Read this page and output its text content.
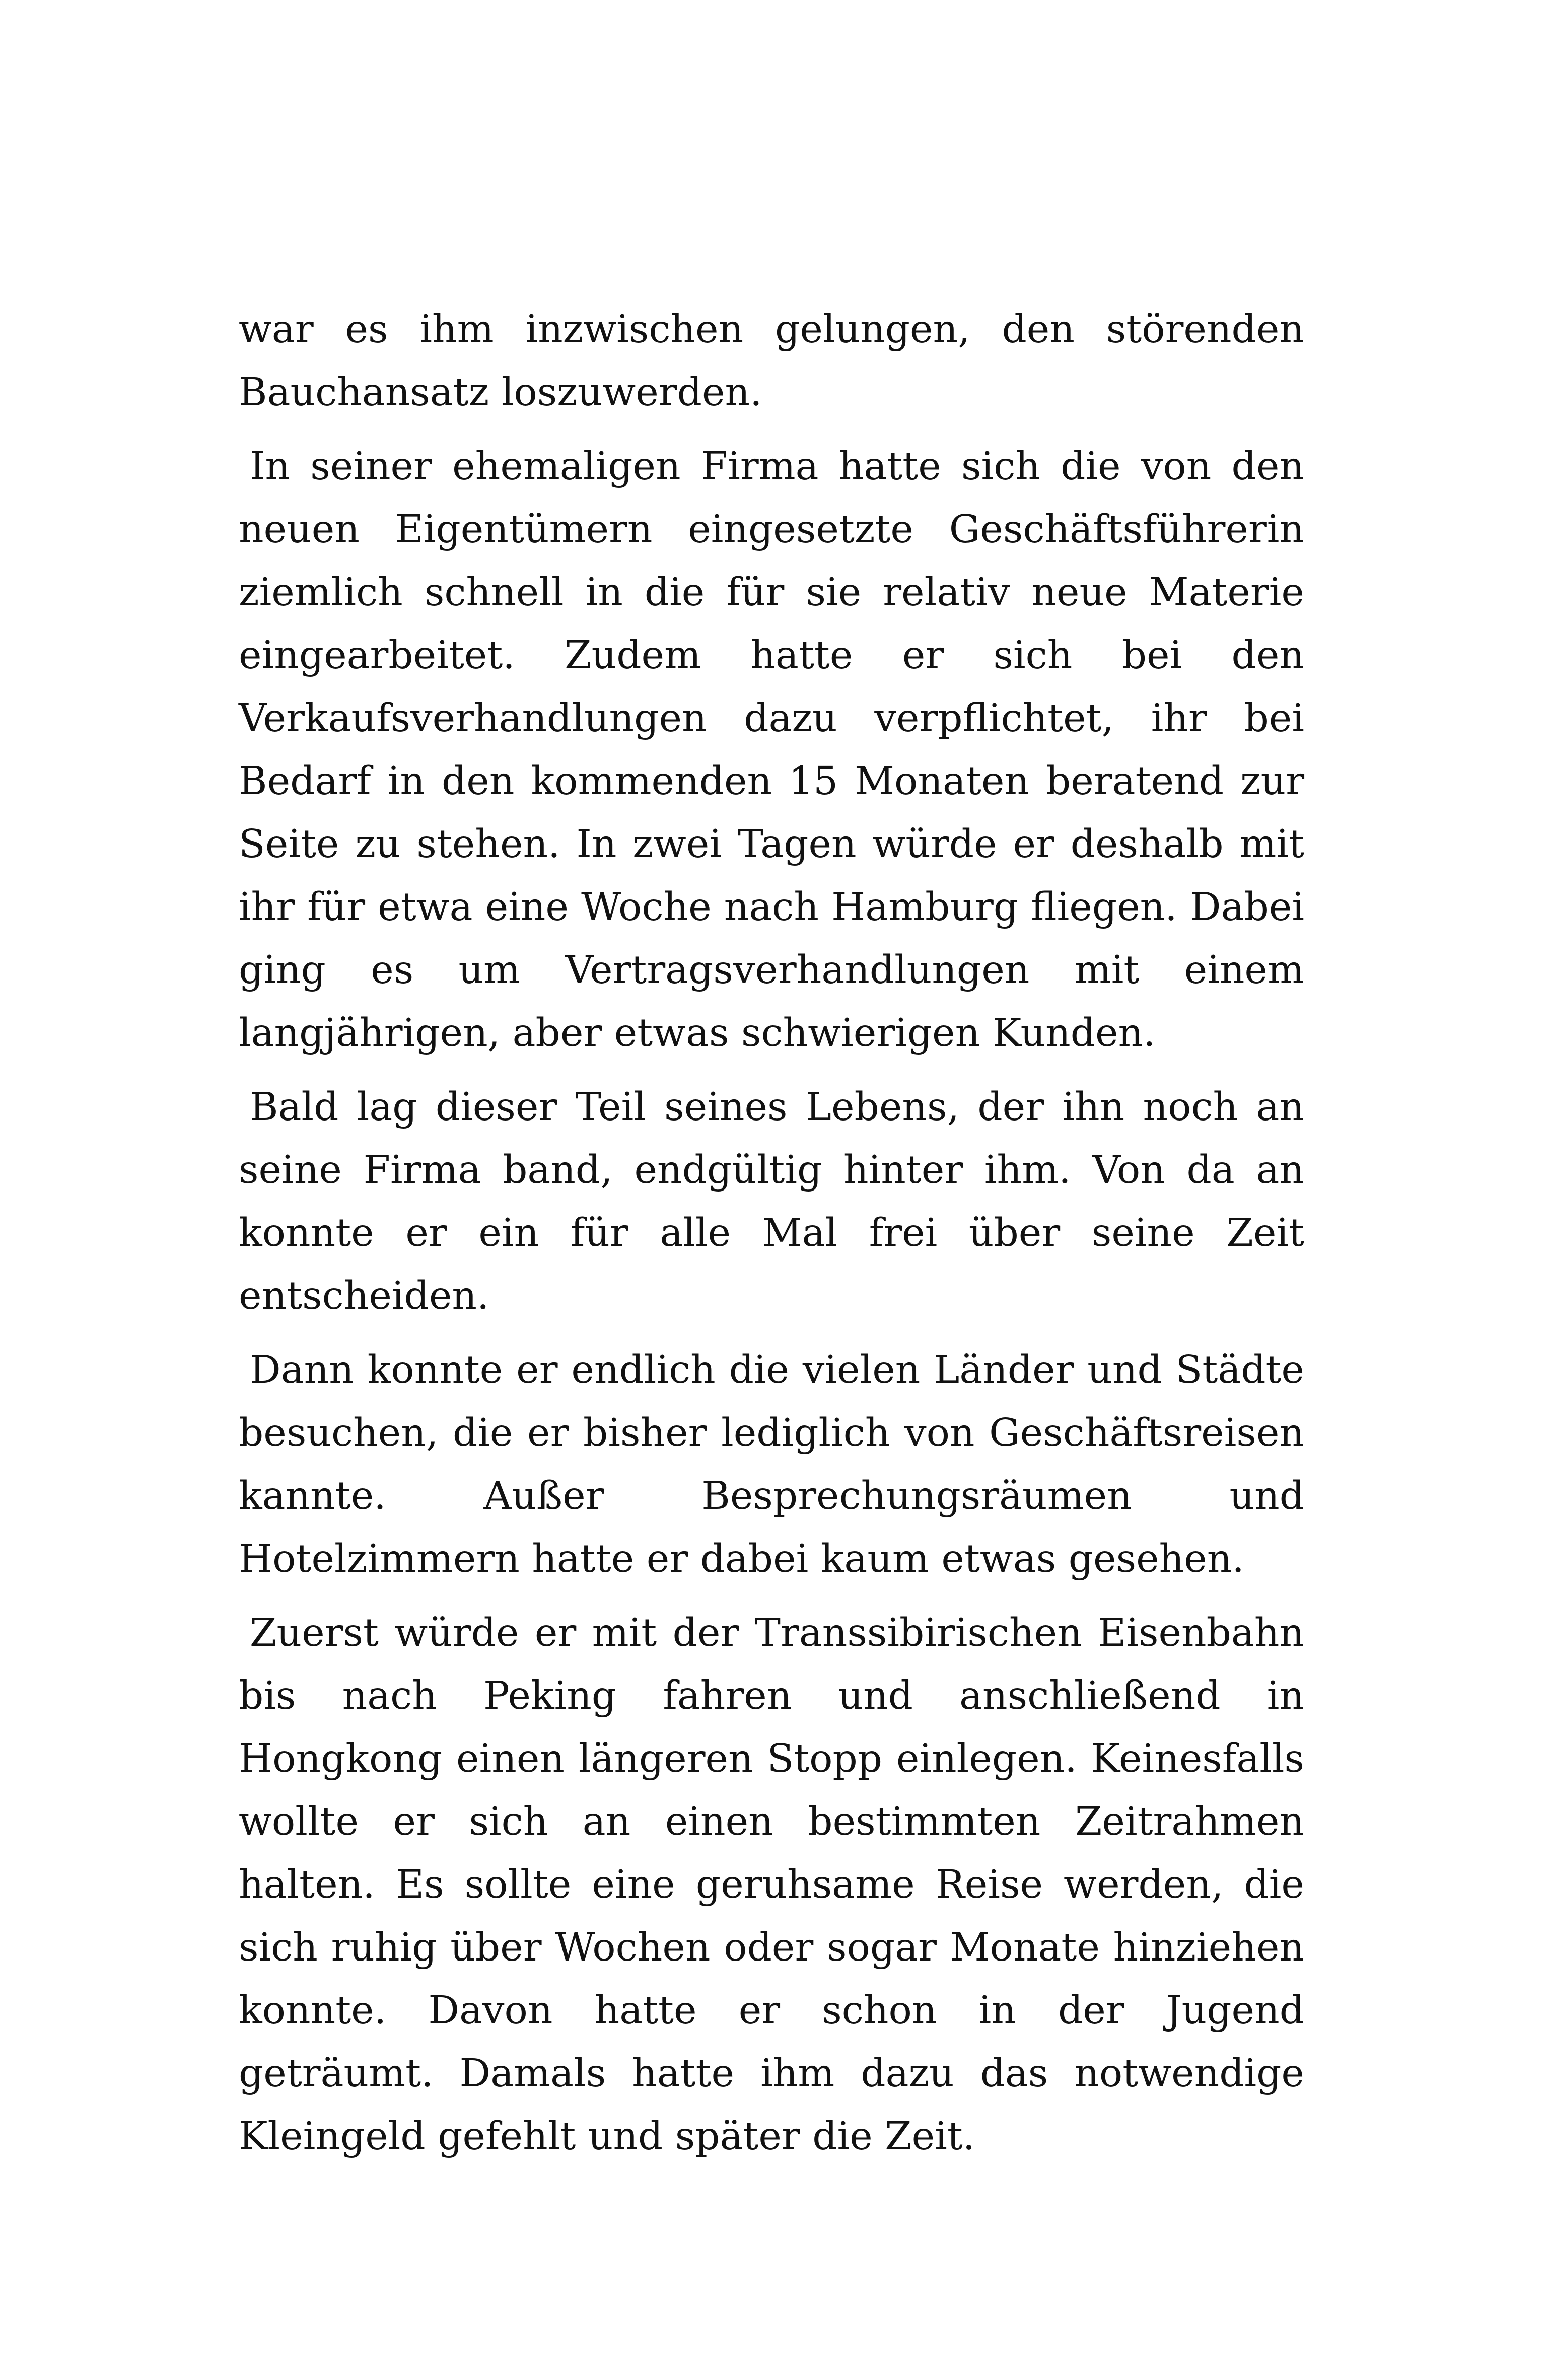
war es ihm inzwischen gelungen, den störenden Bauchansatz loszuwerden.

In seiner ehemaligen Firma hatte sich die von den neuen Eigentümern eingesetzte Geschäftsführerin ziemlich schnell in die für sie relativ neue Materie eingearbeitet. Zudem hatte er sich bei den Verkaufsverhandlungen dazu verpflichtet, ihr bei Bedarf in den kommenden 15 Monaten beratend zur Seite zu stehen. In zwei Tagen würde er deshalb mit ihr für etwa eine Woche nach Hamburg fliegen. Dabei ging es um Vertragsverhandlungen mit einem langjährigen, aber etwas schwierigen Kunden.

Bald lag dieser Teil seines Lebens, der ihn noch an seine Firma band, endgültig hinter ihm. Von da an konnte er ein für alle Mal frei über seine Zeit entscheiden.

Dann konnte er endlich die vielen Länder und Städte besuchen, die er bisher lediglich von Geschäftsreisen kannte. Außer Besprechungsräumen und Hotelzimmern hatte er dabei kaum etwas gesehen.

Zuerst würde er mit der Transsibirischen Eisenbahn bis nach Peking fahren und anschließend in Hongkong einen längeren Stopp einlegen. Keinesfalls wollte er sich an einen bestimmten Zeitrahmen halten. Es sollte eine geruhsame Reise werden, die sich ruhig über Wochen oder sogar Monate hinziehen konnte. Davon hatte er schon in der Jugend geträumt. Damals hatte ihm dazu das notwendige Kleingeld gefehlt und später die Zeit.
